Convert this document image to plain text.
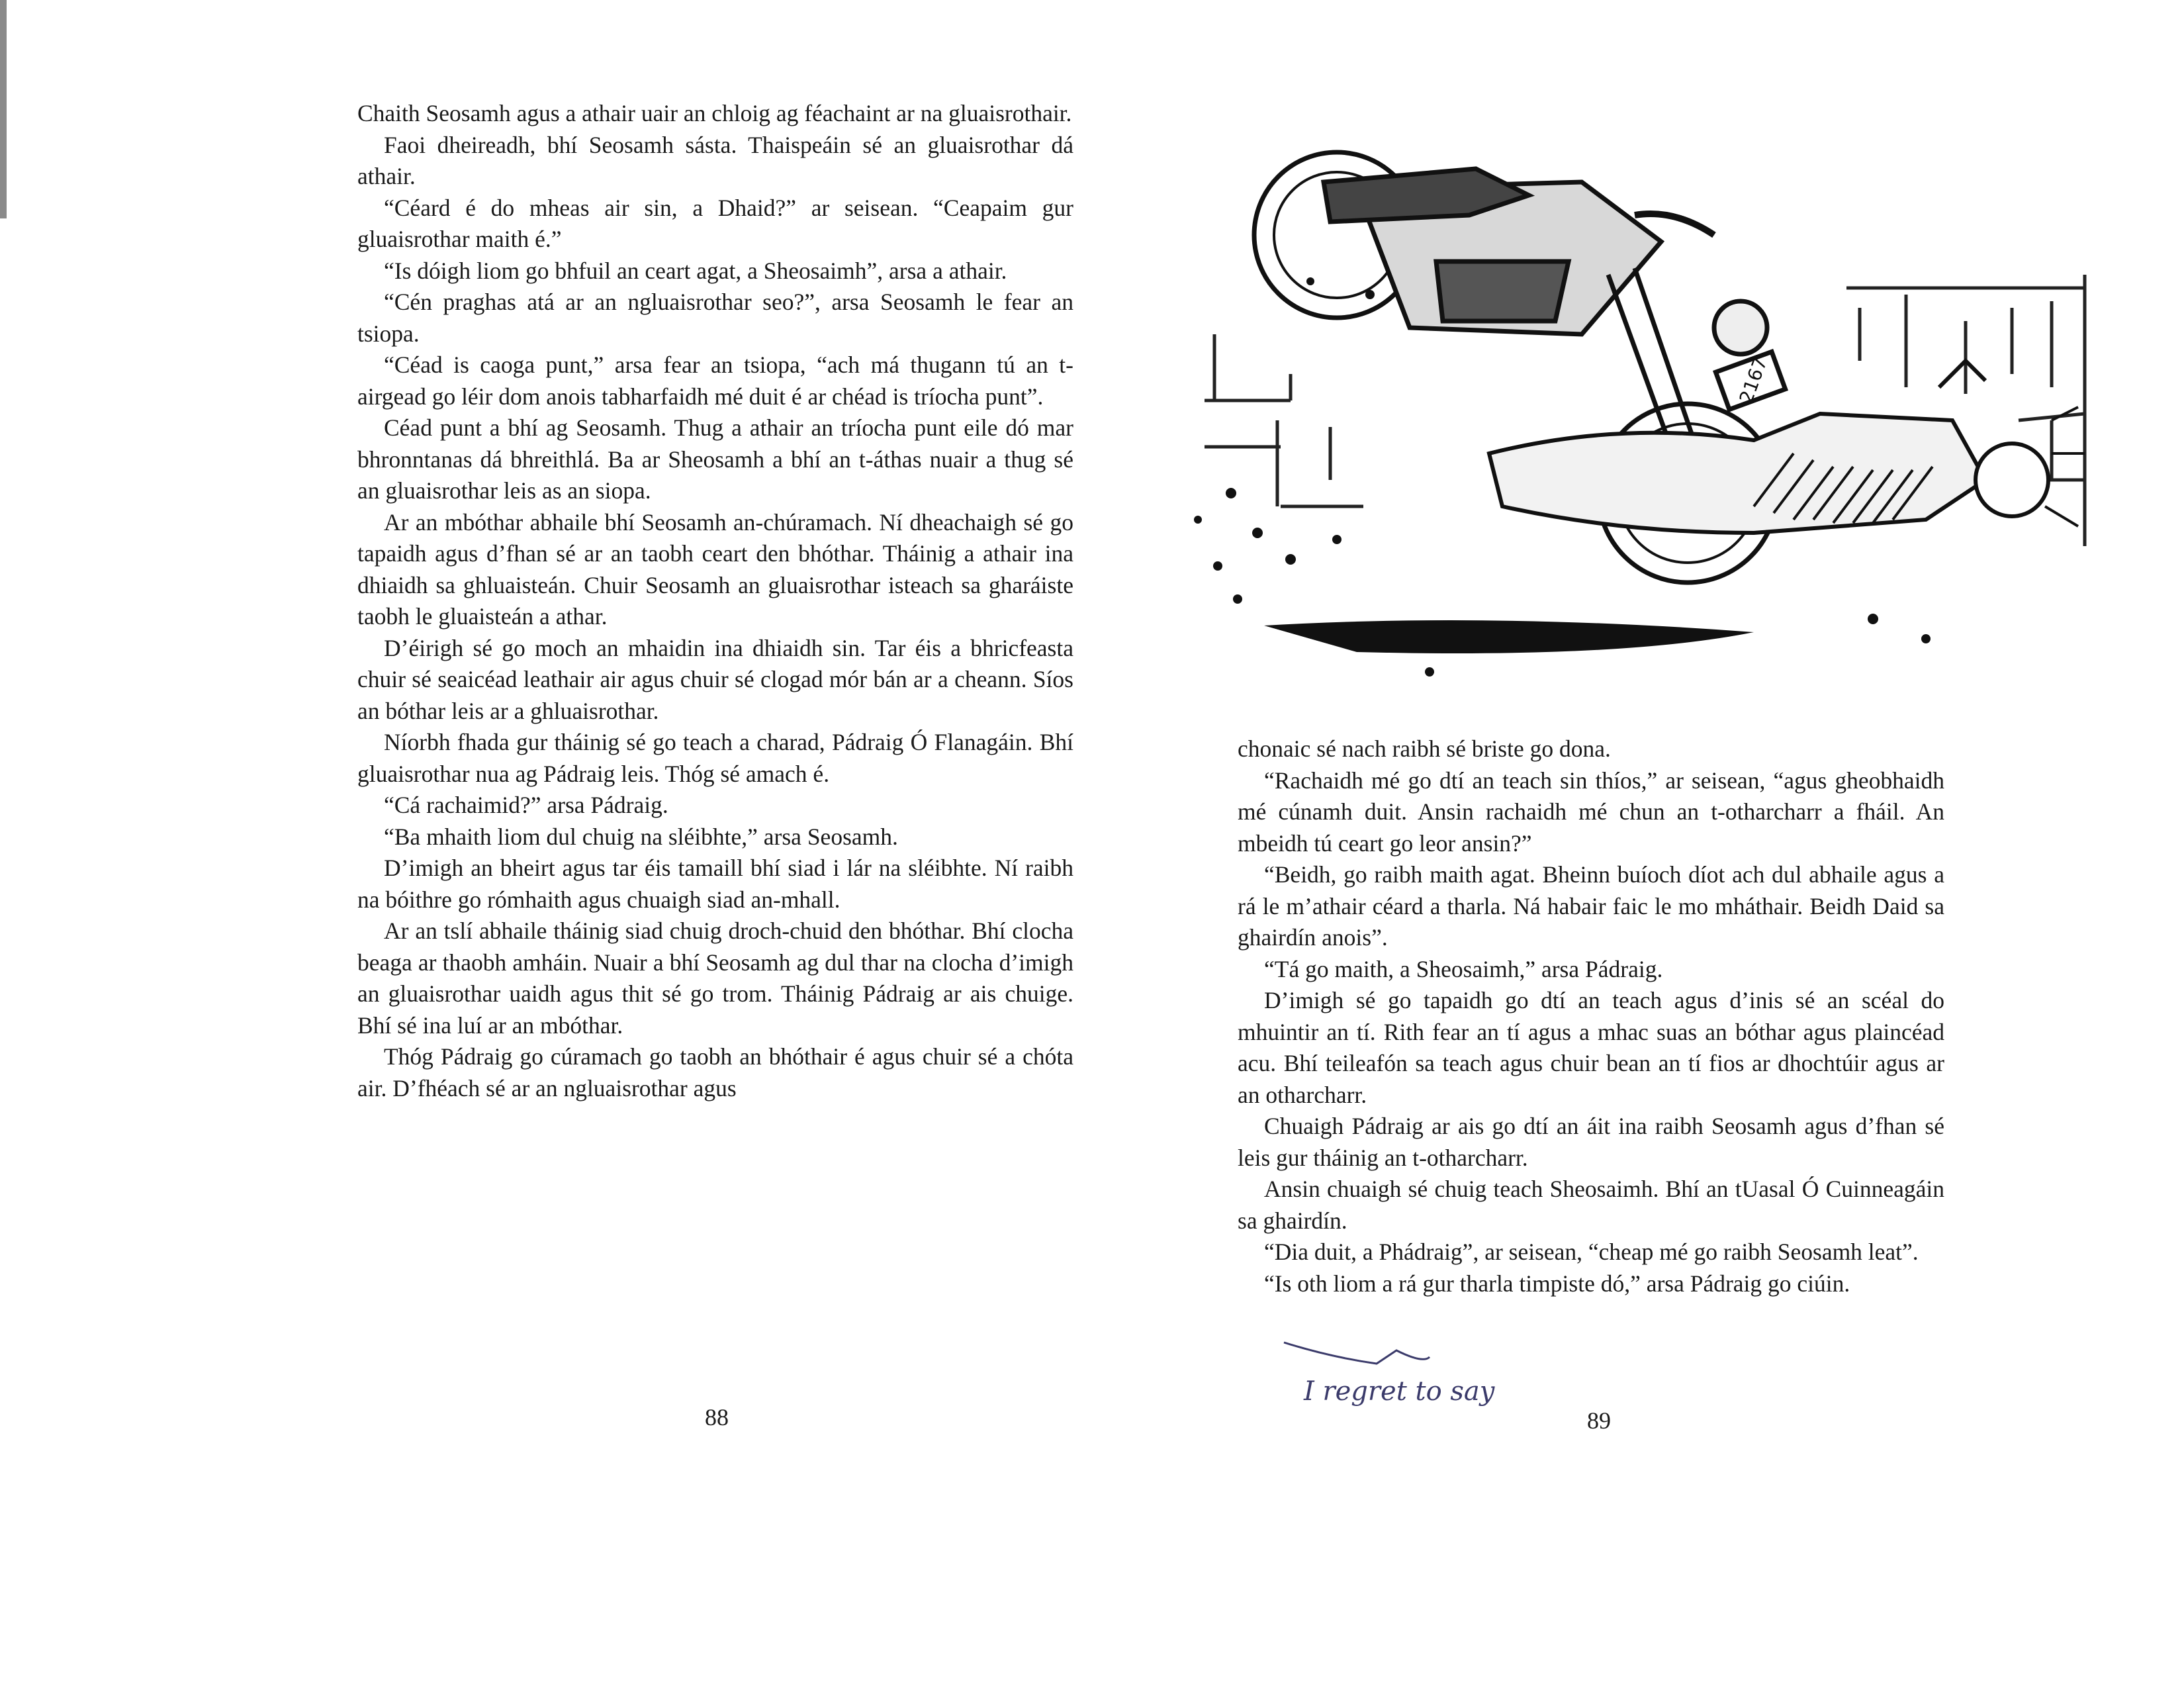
Chaith Seosamh agus a athair uair an chloig ag féachaint ar na gluaisrothair.

Faoi dheireadh, bhí Seosamh sásta. Thaispeáin sé an gluaisrothar dá athair.

“Céard é do mheas air sin, a Dhaid?” ar seisean. “Ceapaim gur gluaisrothar maith é.”

“Is dóigh liom go bhfuil an ceart agat, a Sheosaimh”, arsa a athair.

“Cén praghas atá ar an ngluaisrothar seo?”, arsa Seosamh le fear an tsiopa.

“Céad is caoga punt,” arsa fear an tsiopa, “ach má thugann tú an t-airgead go léir dom anois tabharfaidh mé duit é ar chéad is tríocha punt”.

Céad punt a bhí ag Seosamh. Thug a athair an tríocha punt eile dó mar bhronntanas dá bhreithlá. Ba ar Sheosamh a bhí an t-áthas nuair a thug sé an gluaisrothar leis as an siopa.

Ar an mbóthar abhaile bhí Seosamh an-chúramach. Ní dheachaigh sé go tapaidh agus d’fhan sé ar an taobh ceart den bhóthar. Tháinig a athair ina dhiaidh sa ghluaisteán. Chuir Seosamh an gluaisrothar isteach sa gharáiste taobh le gluaisteán a athar.

D’éirigh sé go moch an mhaidin ina dhiaidh sin. Tar éis a bhricfeasta chuir sé seaicéad leathair air agus chuir sé clogad mór bán ar a cheann. Síos an bóthar leis ar a ghluaisrothar.

Níorbh fhada gur tháinig sé go teach a charad, Pádraig Ó Flanagáin. Bhí gluaisrothar nua ag Pádraig leis. Thóg sé amach é.

“Cá rachaimid?” arsa Pádraig.

“Ba mhaith liom dul chuig na sléibhte,” arsa Seosamh.

D’imigh an bheirt agus tar éis tamaill bhí siad i lár na sléibhte. Ní raibh na bóithre go rómhaith agus chuaigh siad an-mhall.

Ar an tslí abhaile tháinig siad chuig droch-chuid den bhóthar. Bhí clocha beaga ar thaobh amháin. Nuair a bhí Seosamh ag dul thar na clocha d’imigh an gluaisrothar uaidh agus thit sé go trom. Tháinig Pádraig ar ais chuige. Bhí sé ina luí ar an mbóthar.

Thóg Pádraig go cúramach go taobh an bhóthair é agus chuir sé a chóta air. D’fhéach sé ar an ngluaisrothar agus

88
2167

chonaic sé nach raibh sé briste go dona.

“Rachaidh mé go dtí an teach sin thíos,” ar seisean, “agus gheobhaidh mé cúnamh duit. Ansin rachaidh mé chun an t-otharcharr a fháil. An mbeidh tú ceart go leor ansin?”

“Beidh, go raibh maith agat. Bheinn buíoch díot ach dul abhaile agus a rá le m’athair céard a tharla. Ná habair faic le mo mháthair. Beidh Daid sa ghairdín anois”.

“Tá go maith, a Sheosaimh,” arsa Pádraig.

D’imigh sé go tapaidh go dtí an teach agus d’inis sé an scéal do mhuintir an tí. Rith fear an tí agus a mhac suas an bóthar agus plaincéad acu. Bhí teileafón sa teach agus chuir bean an tí fios ar dhochtúir agus ar an otharcharr.

Chuaigh Pádraig ar ais go dtí an áit ina raibh Seosamh agus d’fhan sé leis gur tháinig an t-otharcharr.

Ansin chuaigh sé chuig teach Sheosaimh. Bhí an tUasal Ó Cuinneagáin sa ghairdín.

“Dia duit, a Phádraig”, ar seisean, “cheap mé go raibh Seosamh leat”.

“Is oth liom a rá gur tharla timpiste dó,” arsa Pádraig go ciúin.

89
I regret to say
